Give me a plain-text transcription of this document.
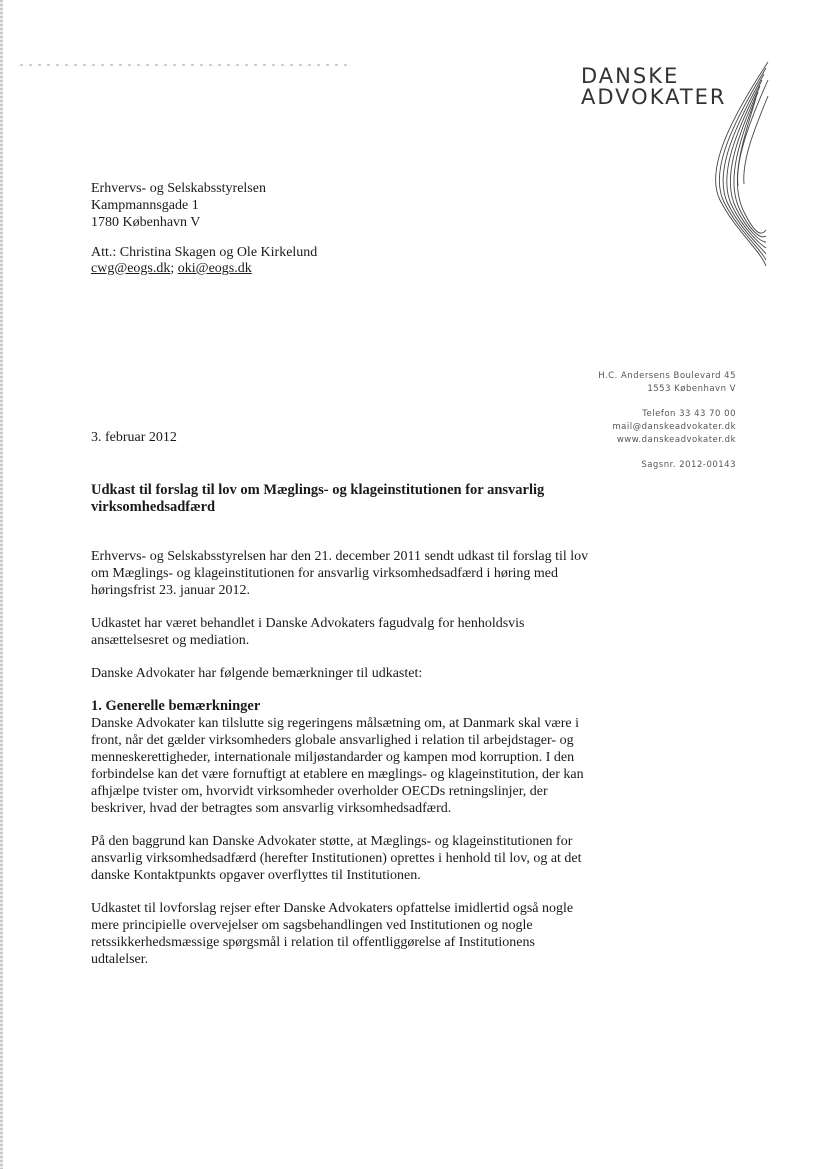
DANSKE
ADVOKATER
Erhvervs- og Selskabsstyrelsen
Kampmannsgade 1
1780 København V
Att.: Christina Skagen og Ole Kirkelund
cwg@eogs.dk; oki@eogs.dk
H.C. Andersens Boulevard 45
1553 København V
Telefon 33 43 70 00
mail@danskeadvokater.dk
www.danskeadvokater.dk
Sagsnr. 2012-00143
3. februar 2012
Udkast til forslag til lov om Mæglings- og klageinstitutionen for ansvarlig virksomhedsadfærd

Erhvervs- og Selskabsstyrelsen har den 21. december 2011 sendt udkast til forslag til lov om Mæglings- og klageinstitutionen for ansvarlig virksomhedsadfærd i høring med høringsfrist 23. januar 2012.

Udkastet har været behandlet i Danske Advokaters fagudvalg for henholdsvis ansættelsesret og mediation.

Danske Advokater har følgende bemærkninger til udkastet:

1. Generelle bemærkninger

Danske Advokater kan tilslutte sig regeringens målsætning om, at Danmark skal være i front, når det gælder virksomheders globale ansvarlighed i relation til arbejdstager- og menneskerettigheder, internationale miljøstandarder og kampen mod korruption. I den forbindelse kan det være fornuftigt at etablere en mæglings- og klageinstitution, der kan afhjælpe tvister om, hvorvidt virksomheder overholder OECDs retningslinjer, der beskriver, hvad der betragtes som ansvarlig virksomhedsadfærd.

På den baggrund kan Danske Advokater støtte, at Mæglings- og klageinstitutionen for ansvarlig virksomhedsadfærd (herefter Institutionen) oprettes i henhold til lov, og at det danske Kontaktpunkts opgaver overflyttes til Institutionen.

Udkastet til lovforslag rejser efter Danske Advokaters opfattelse imidlertid også nogle mere principielle overvejelser om sagsbehandlingen ved Institutionen og nogle retssikkerhedsmæssige spørgsmål i relation til offentliggørelse af Institutionens udtalelser.
